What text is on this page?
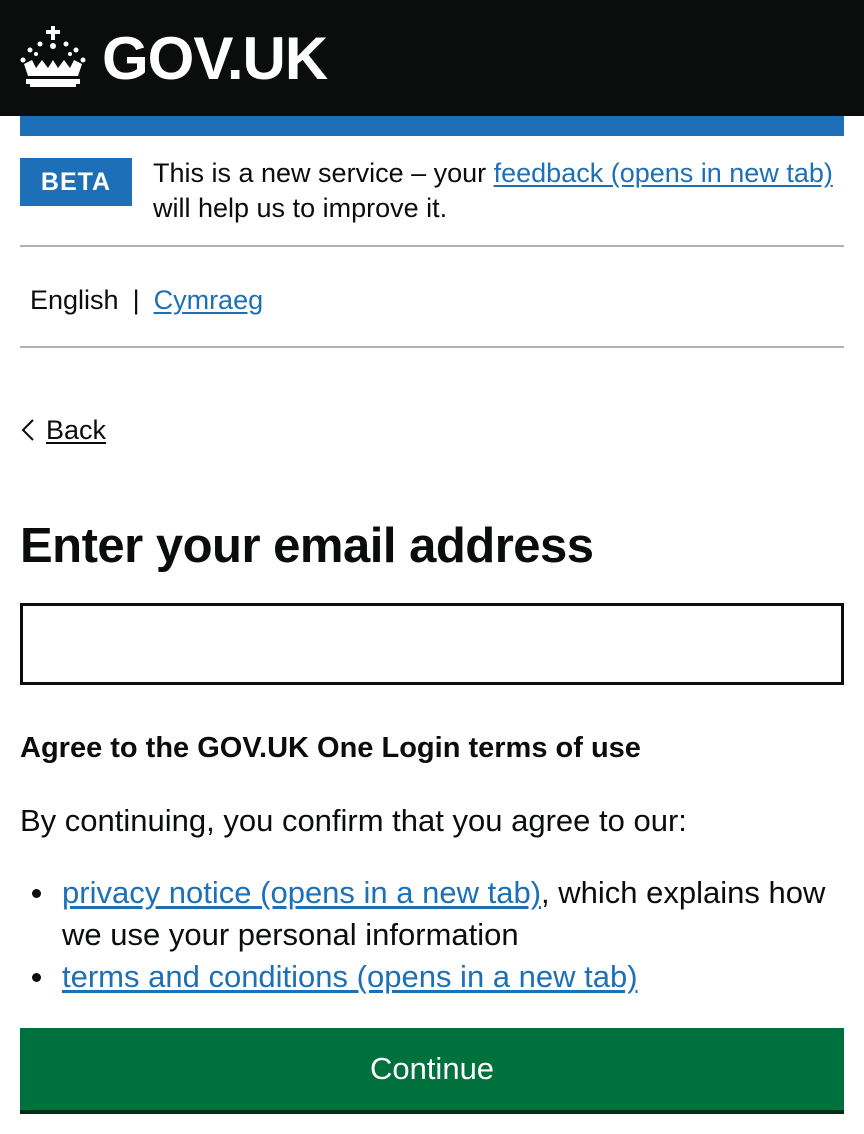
GOV.UK
BETA	This is a new service – your feedback (opens in new tab) will help us to improve it.

English | Cymraeg
Back
Enter your email address
Agree to the GOV.UK One Login terms of use

By continuing, you confirm that you agree to our:

privacy notice (opens in a new tab), which explains how we use your personal information
terms and conditions (opens in a new tab)
Continue
